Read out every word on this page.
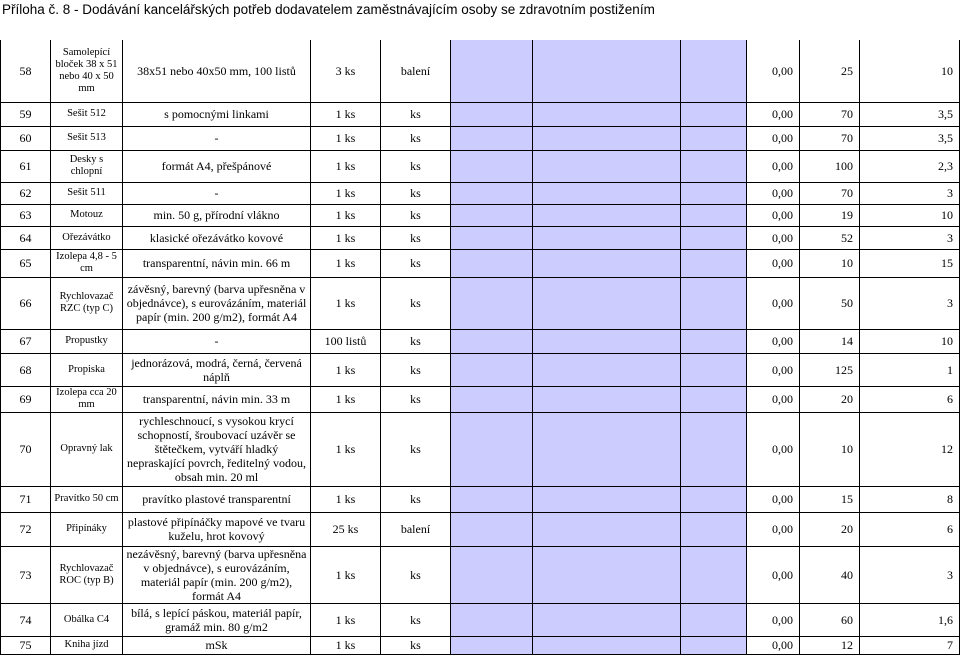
Příloha č. 8 - Dodávání kancelářských potřeb dodavatelem zaměstnávajícím osoby se zdravotním postižením
58	Samolepící bloček 38 x 51 nebo 40 x 50 mm	38x51 nebo 40x50 mm, 100 listů	3 ks	balení				0,00	25	10
59	Sešit 512	s pomocnými linkami	1 ks	ks				0,00	70	3,5
60	Sešit 513	-	1 ks	ks				0,00	70	3,5
61	Desky s chlopní	formát A4, přešpánové	1 ks	ks				0,00	100	2,3
62	Sešit 511	-	1 ks	ks				0,00	70	3
63	Motouz	min. 50 g, přírodní vlákno	1 ks	ks				0,00	19	10
64	Ořezávátko	klasické ořezávátko kovové	1 ks	ks				0,00	52	3
65	Izolepa 4,8 - 5 cm	transparentní, návin min. 66 m	1 ks	ks				0,00	10	15
66	Rychlovazač RZC (typ C)	závěsný, barevný (barva upřesněna v objednávce), s eurovázáním, materiál papír (min. 200 g/m2), formát A4	1 ks	ks				0,00	50	3
67	Propustky	-	100 listů	ks				0,00	14	10
68	Propiska	jednorázová, modrá, černá, červená náplň	1 ks	ks				0,00	125	1
69	Izolepa cca 20 mm	transparentní, návin min. 33 m	1 ks	ks				0,00	20	6
70	Opravný lak	rychleschnoucí, s vysokou krycí schopností, šroubovací uzávěr se štětečkem, vytváří hladký nepraskající povrch, ředitelný vodou, obsah min. 20 ml	1 ks	ks				0,00	10	12
71	Pravítko 50 cm	pravítko plastové transparentní	1 ks	ks				0,00	15	8
72	Připínáky	plastové připínáčky mapové ve tvaru kuželu, hrot kovový	25 ks	balení				0,00	20	6
73	Rychlovazač ROC (typ B)	nezávěsný, barevný (barva upřesněna v objednávce), s eurovázáním, materiál papír (min. 200 g/m2), formát A4	1 ks	ks				0,00	40	3
74	Obálka C4	bílá, s lepící páskou, materiál papír, gramáž min. 80 g/m2	1 ks	ks				0,00	60	1,6
75	Kniha jízd	mSk	1 ks	ks				0,00	12	7
